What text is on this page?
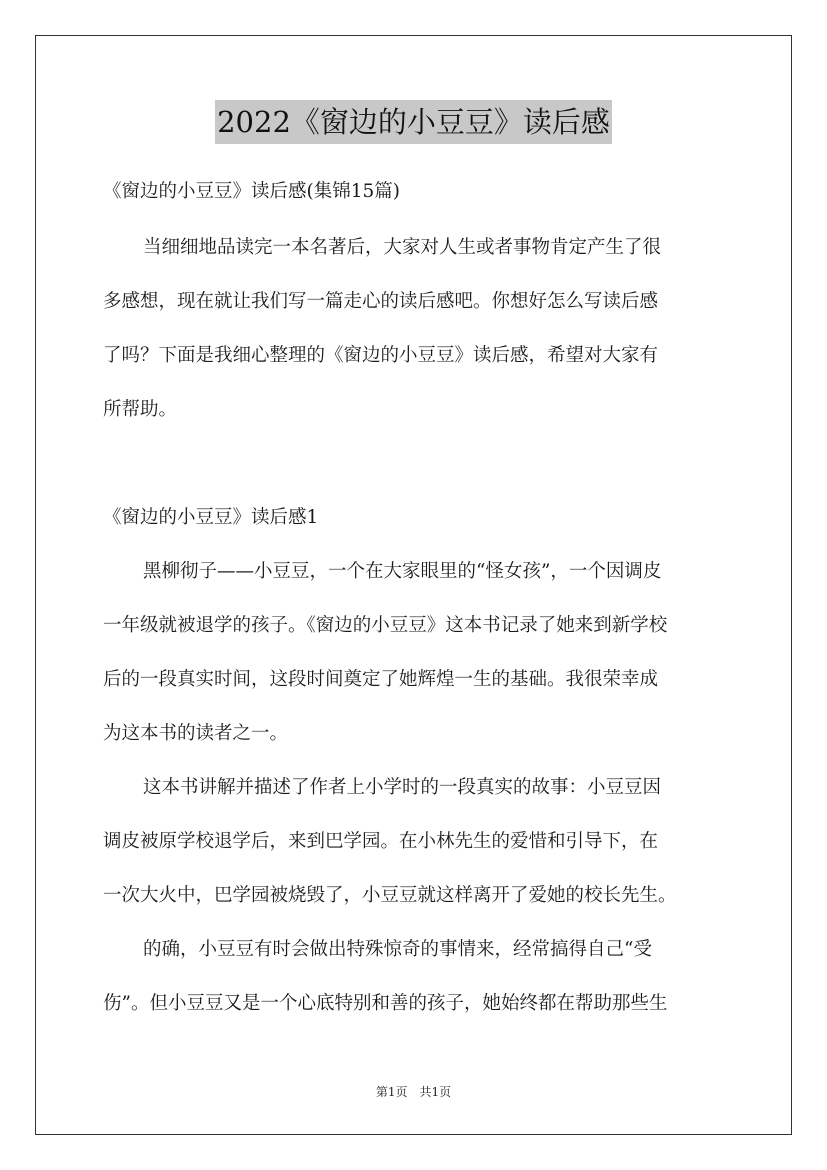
2022《窗边的小豆豆》读后感
《窗边的小豆豆》读后感(集锦15篇)
当细细地品读完一本名著后，大家对人生或者事物肯定产生了很
多感想，现在就让我们写一篇走心的读后感吧。你想好怎么写读后感
了吗？下面是我细心整理的《窗边的小豆豆》读后感，希望对大家有
所帮助。
《窗边的小豆豆》读后感1
黑柳彻子——小豆豆，一个在大家眼里的“怪女孩”，一个因调皮
一年级就被退学的孩子。《窗边的小豆豆》这本书记录了她来到新学校
后的一段真实时间，这段时间奠定了她辉煌一生的基础。我很荣幸成
为这本书的读者之一。
这本书讲解并描述了作者上小学时的一段真实的故事：小豆豆因
调皮被原学校退学后，来到巴学园。在小林先生的爱惜和引导下，在
一次大火中，巴学园被烧毁了，小豆豆就这样离开了爱她的校长先生。
的确，小豆豆有时会做出特殊惊奇的事情来，经常搞得自己“受
伤”。但小豆豆又是一个心底特别和善的孩子，她始终都在帮助那些生
第1页　共1页
